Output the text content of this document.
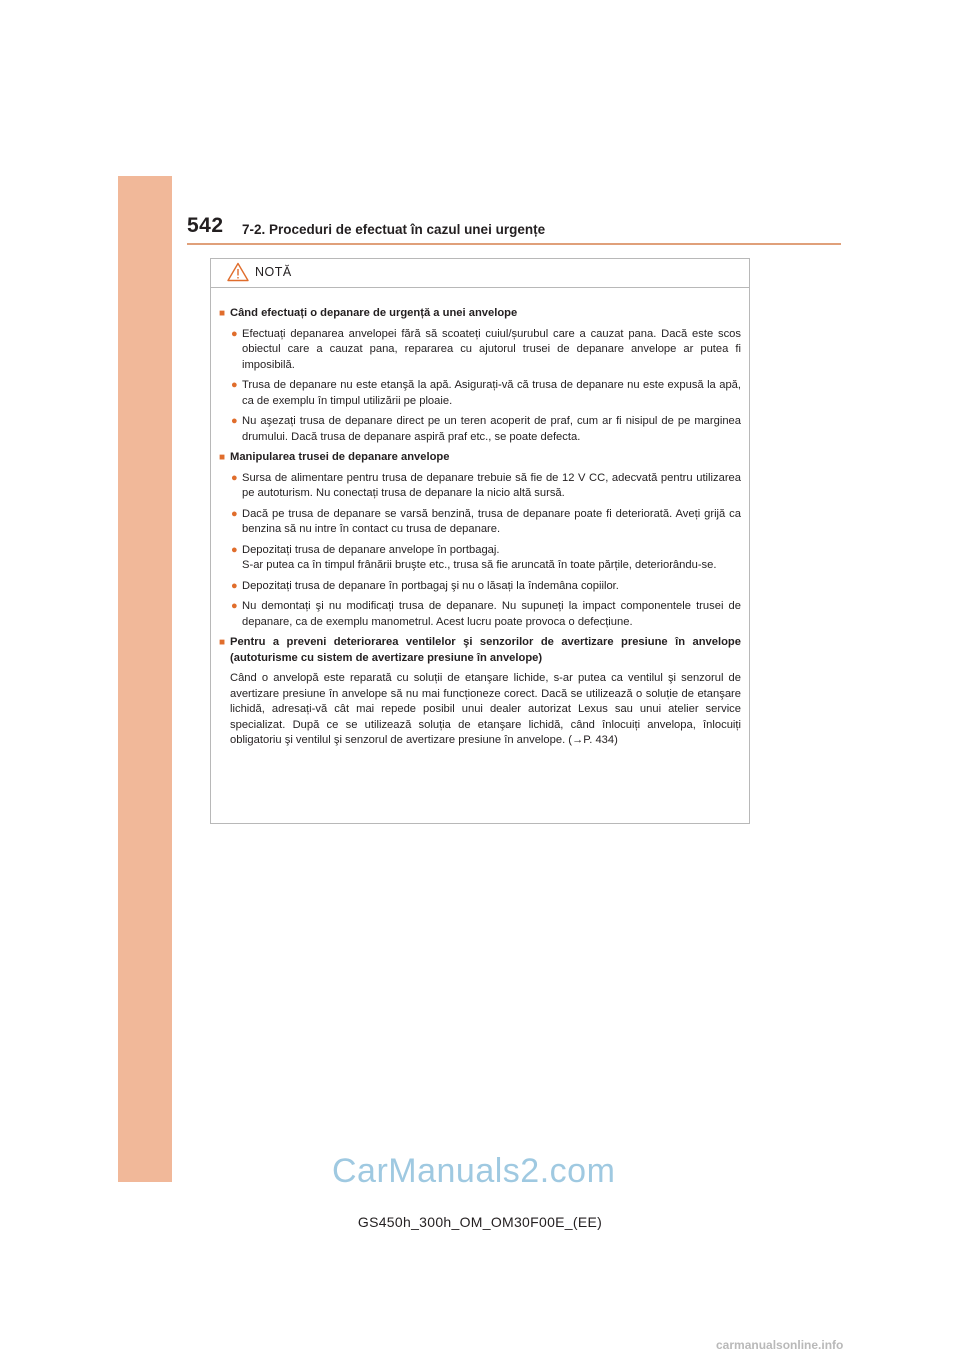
542 7-2. Proceduri de efectuat în cazul unei urgențe
NOTĂ
■ Când efectuați o depanare de urgență a unei anvelope
● Efectuați depanarea anvelopei fără să scoateți cuiul/șurubul care a cauzat pana. Dacă este scos obiectul care a cauzat pana, repararea cu ajutorul trusei de depanare anvelope ar putea fi imposibilă.
● Trusa de depanare nu este etanşă la apă. Asigurați-vă că trusa de depanare nu este expusă la apă, ca de exemplu în timpul utilizării pe ploaie.
● Nu aşezați trusa de depanare direct pe un teren acoperit de praf, cum ar fi nisipul de pe marginea drumului. Dacă trusa de depanare aspiră praf etc., se poate defecta.
■ Manipularea trusei de depanare anvelope
● Sursa de alimentare pentru trusa de depanare trebuie să fie de 12 V CC, adecvată pentru utilizarea pe autoturism. Nu conectați trusa de depanare la nicio altă sursă.
● Dacă pe trusa de depanare se varsă benzină, trusa de depanare poate fi deteriorată. Aveți grijă ca benzina să nu intre în contact cu trusa de depanare.
● Depozitați trusa de depanare anvelope în portbagaj.
S-ar putea ca în timpul frânării bruşte etc., trusa să fie aruncată în toate părțile, deteriorându-se.
● Depozitați trusa de depanare în portbagaj şi nu o lăsați la îndemâna copiilor.
● Nu demontați şi nu modificați trusa de depanare. Nu supuneți la impact componentele trusei de depanare, ca de exemplu manometrul. Acest lucru poate provoca o defecțiune.
■ Pentru a preveni deteriorarea ventilelor şi senzorilor de avertizare presiune în anvelope (autoturisme cu sistem de avertizare presiune în anvelope)
Când o anvelopă este reparată cu soluții de etanşare lichide, s-ar putea ca ventilul şi senzorul de avertizare presiune în anvelope să nu mai funcționeze corect. Dacă se utilizează o soluție de etanşare lichidă, adresați-vă cât mai repede posibil unui dealer autorizat Lexus sau unui atelier service specializat. După ce se utilizează soluția de etanşare lichidă, când înlocuiți anvelopa, înlocuiți obligatoriu şi ventilul şi senzorul de avertizare presiune în anvelope. (→P. 434)
CarManuals2.com
GS450h_300h_OM_OM30F00E_(EE)
carmanualsonline.info
